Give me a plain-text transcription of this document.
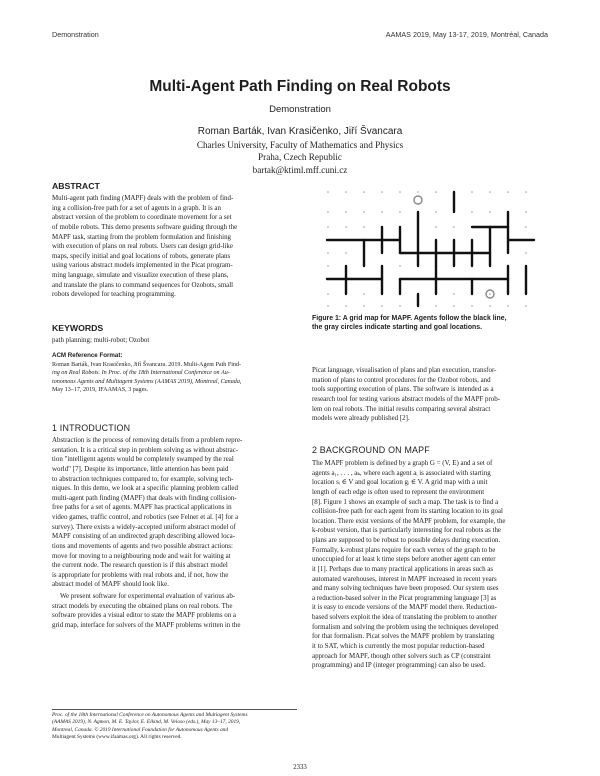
Demonstration	AAMAS 2019, May 13-17, 2019, Montréal, Canada
Multi-Agent Path Finding on Real Robots
Demonstration
Roman Barták, Ivan Krasičenko, Jiří Švancara
Charles University, Faculty of Mathematics and Physics
Praha, Czech Republic
bartak@ktiml.mff.cuni.cz
ABSTRACT
Multi-agent path finding (MAPF) deals with the problem of find-
ing a collision-free path for a set of agents in a graph. It is an
abstract version of the problem to coordinate movement for a set
of mobile robots. This demo presents software guiding through the
MAPF task, starting from the problem formulation and finishing
with execution of plans on real robots. Users can design grid-like
maps, specify initial and goal locations of robots, generate plans
using various abstract models implemented in the Picat program-
ming language, simulate and visualize execution of these plans,
and translate the plans to command sequences for Ozobots, small
robots developed for teaching programming.
KEYWORDS
path planning; multi-robot; Ozobot
ACM Reference Format:
Roman Barták, Ivan Krasičenko, Jiří Švancara. 2019. Multi-Agent Path Find-
ing on Real Robots. In Proc. of the 18th International Conference on Au-
tonomous Agents and Multiagent Systems (AAMAS 2019), Montreal, Canada,
May 13–17, 2019, IFAAMAS, 3 pages.
1 INTRODUCTION
Abstraction is the process of removing details from a problem repre-
sentation. It is a critical step in problem solving as without abstrac-
tion "intelligent agents would be completely swamped by the real
world" [7]. Despite its importance, little attention has been paid
to abstraction techniques compared to, for example, solving tech-
niques. In this demo, we look at a specific planning problem called
multi-agent path finding (MAPF) that deals with finding collision-
free paths for a set of agents. MAPF has practical applications in
video games, traffic control, and robotics (see Felner et al. [4] for a
survey). There exists a widely-accepted uniform abstract model of
MAPF consisting of an undirected graph describing allowed loca-
tions and movements of agents and two possible abstract actions:
move for moving to a neighbouring node and wait for waiting at
the current node. The research question is if this abstract model
is appropriate for problems with real robots and, if not, how the
abstract model of MAPF should look like.
We present software for experimental evaluation of various ab-
stract models by executing the obtained plans on real robots. The
software provides a visual editor to state the MAPF problems on a
grid map, interface for solvers of the MAPF problems written in the
Proc. of the 18th International Conference on Autonomous Agents and Multiagent Systems
(AAMAS 2019), N. Agmon, M. E. Taylor, E. Elkind, M. Veloso (eds.), May 13–17, 2019,
Montreal, Canada. © 2019 International Foundation for Autonomous Agents and
Multiagent Systems (www.ifaamas.org). All rights reserved.
Figure 1: A grid map for MAPF. Agents follow the black line,
the gray circles indicate starting and goal locations.
Picat language, visualisation of plans and plan execution, transfor-
mation of plans to control procedures for the Ozobot robots, and
tools supporting execution of plans. The software is intended as a
research tool for testing various abstract models of the MAPF prob-
lem on real robots. The initial results comparing several abstract
models were already published [2].
2 BACKGROUND ON MAPF
The MAPF problem is defined by a graph G = (V, E) and a set of
agents a₁, . . . , aₖ, where each agent aᵢ is associated with starting
location sᵢ ∈ V and goal location gᵢ ∈ V. A grid map with a unit
length of each edge is often used to represent the environment
[8]. Figure 1 shows an example of such a map. The task is to find a
collision-free path for each agent from its starting location to its goal
location. There exist versions of the MAPF problem, for example, the
k-robust version, that is particularly interesting for real robots as the
plans are supposed to be robust to possible delays during execution.
Formally, k-robust plans require for each vertex of the graph to be
unoccupied for at least k time steps before another agent can enter
it [1]. Perhaps due to many practical applications in areas such as
automated warehouses, interest in MAPF increased in recent years
and many solving techniques have been proposed. Our system uses
a reduction-based solver in the Picat programming language [3] as
it is easy to encode versions of the MAPF model there. Reduction-
based solvers exploit the idea of translating the problem to another
formalism and solving the problem using the techniques developed
for that formalism. Picat solves the MAPF problem by translating
it to SAT, which is currently the most popular reduction-based
approach for MAPF, though other solvers such as CP (constraint
programming) and IP (integer programming) can also be used.
2333
